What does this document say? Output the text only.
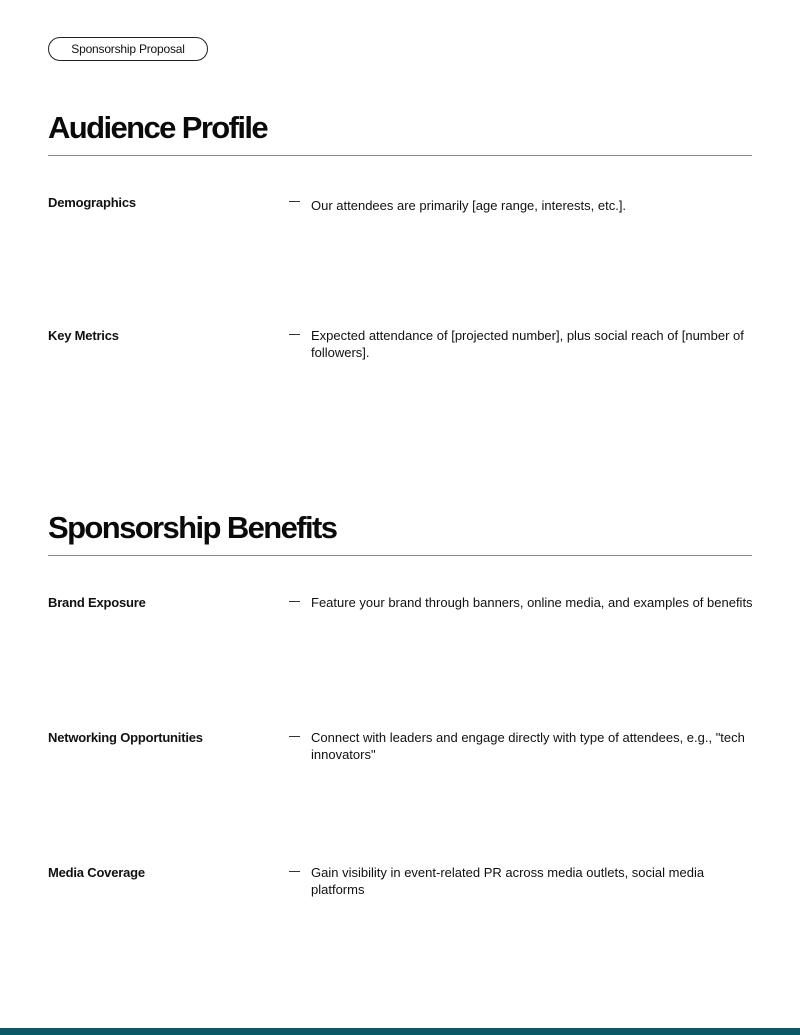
Sponsorship Proposal
Audience Profile
Demographics	Our attendees are primarily [age range, interests, etc.].
Key Metrics	Expected attendance of [projected number], plus social reach of [number of followers].
Sponsorship Benefits
Brand Exposure	Feature your brand through banners, online media, and examples of benefits
Networking Opportunities	Connect with leaders and engage directly with type of attendees, e.g., "tech innovators"
Media Coverage	Gain visibility in event-related PR across media outlets, social media platforms
